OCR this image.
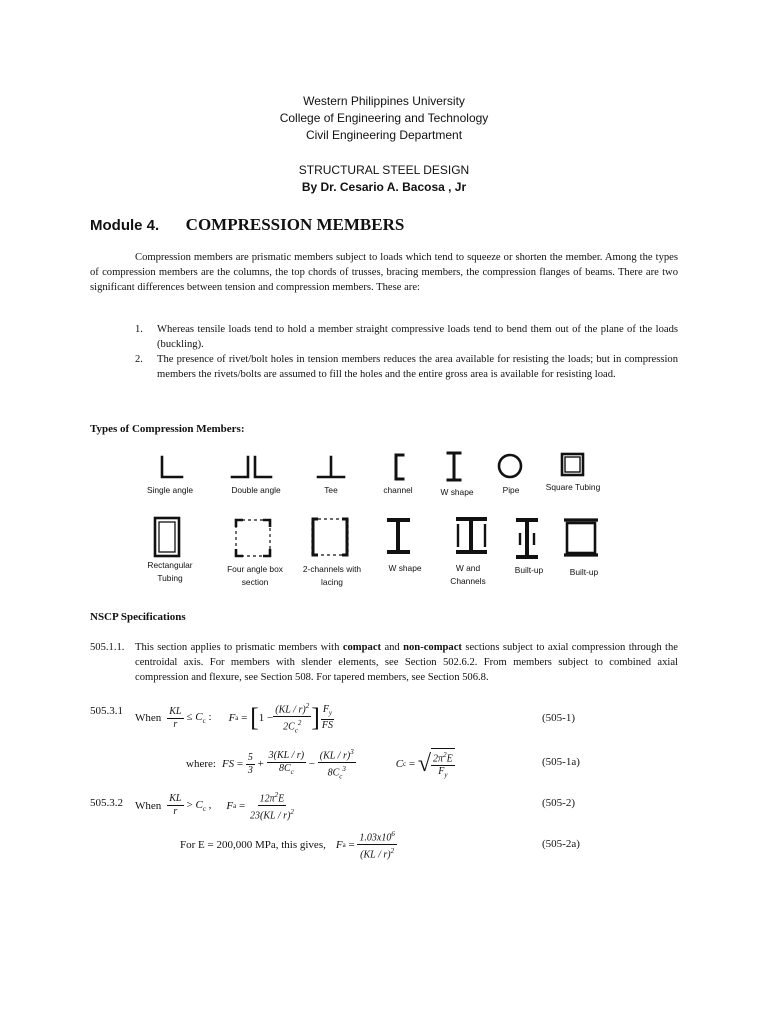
Western Philippines University
College of Engineering and Technology
Civil Engineering Department
STRUCTURAL STEEL DESIGN
By Dr. Cesario A. Bacosa , Jr
Module 4. COMPRESSION MEMBERS
Compression members are prismatic members subject to loads which tend to squeeze or shorten the member. Among the types of compression members are the columns, the top chords of trusses, bracing members, the compression flanges of beams. There are two significant differences between tension and compression members. These are:
1.	Whereas tensile loads tend to hold a member straight compressive loads tend to bend them out of the plane of the loads (buckling).
2.	The presence of rivet/bolt holes in tension members reduces the area available for resisting the loads; but in compression members the rivets/bolts are assumed to fill the holes and the entire gross area is available for resisting load.
Types of Compression Members:
Single angle	Double angle	Tee	channel	W shape	Pipe	Square Tubing
Rectangular Tubing
Four angle box section
2-channels with lacing
W shape	W and Channels
Built-up	Built-up
NSCP Specifications
505.1.1. This section applies to prismatic members with compact and non-compact sections subject to axial compression through the centroidal axis. For members with slender elements, see Section 502.6.2. From members subject to combined axial compression and flexure, see Section 508. For tapered members, see Section 506.8.
505.3.1
When $\frac{KL}{r} \le C_c$ : F a = [ $1 - \frac{(KL / r)^2}{2C_c^2}$ ] $\frac{F_y}{FS}$	(505-1)
where: FS = $\frac{5}{3} + \frac{3(KL / r)}{8C_c} - \frac{(KL / r)^3}{8C_c^3}$	C c = √ $\frac{2\pi^2E}{F_y}$	(505-1a)
505.3.2 When $\frac{KL}{r} > C_c$ , F $a = \frac{12\pi^2E}{23(KL / r)^2}$	(505-2)
For E = 200,000 MPa, this gives, F $a = \frac{1.03x10^6}{(KL / r)^2}$	(505-2a)
